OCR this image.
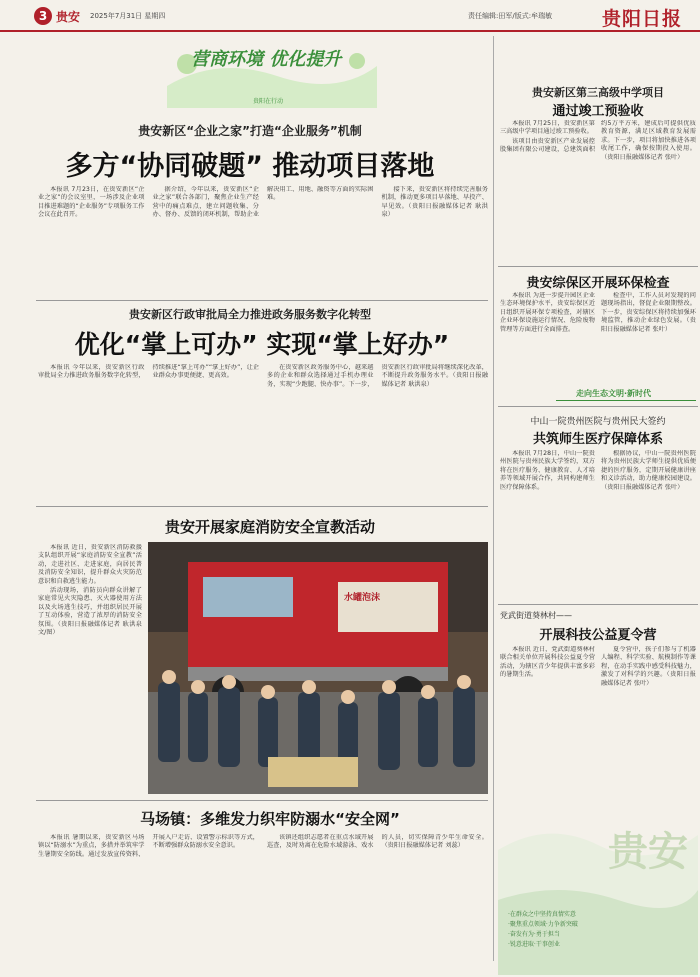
3 贵安 2025年7月31日 星期四	责任编辑:田军/版式:牟瑞敏	贵阳日报
营商环境 优化提升
贵阳在行动
贵安新区“企业之家”打造“企业服务”机制
多方“协同破题” 推动项目落地

本报讯 7月23日，在贵安新区“企业之家”的会议室里，一场涉及企业项目推进难题的“企业服务”专项服务工作会议在此召开。

据介绍，今年以来，贵安新区“企业之家”联合各部门，聚焦企业生产经营中的痛点难点，建立问题收集、分办、督办、反馈的闭环机制，帮助企业解决用工、用地、融资等方面的实际困难。

接下来，贵安新区将持续完善服务机制，推动更多项目早落地、早投产、早见效。（贵阳日报融媒体记者 耿洪泉）

贵安新区行政审批局全力推进政务服务数字化转型
优化“掌上可办” 实现“掌上好办”

本报讯 今年以来，贵安新区行政审批局全力推进政务服务数字化转型，持续推进“掌上可办”“掌上好办”，让企业群众办事更便捷、更高效。

在贵安新区政务服务中心，越来越多的企业和群众选择通过手机办理业务，实现“少跑腿、快办事”。下一步，贵安新区行政审批局将继续深化改革，不断提升政务服务水平。（贵阳日报融媒体记者 耿洪泉）

贵安开展家庭消防安全宣教活动

本报讯 近日，贵安新区消防救援支队组织开展“家庭消防安全宣教”活动，走进社区、走进家庭，向居民普及消防安全知识，提升群众火灾防范意识和自救逃生能力。

活动现场，消防员向群众讲解了家庭常见火灾隐患、灭火器使用方法以及火场逃生技巧，并组织居民开展了互动体验，营造了浓厚的消防安全氛围。（贵阳日报融媒体记者 耿洪泉 文/图）

水罐泡沫
马场镇：多维发力织牢防溺水“安全网”

本报讯 暑期以来，贵安新区马场镇以“防溺水”为重点，多措并举筑牢学生暑期安全防线。通过发放宣传资料、开展入户走访、设置警示标识等方式，不断增强群众防溺水安全意识。

该镇还组织志愿者在重点水域开展巡查，及时劝离在危险水域游泳、戏水的人员，切实保障青少年生命安全。（贵阳日报融媒体记者 刘蕊）

贵安新区第三高级中学项目
通过竣工预验收

本报讯 7月25日，贵安新区第三高级中学项目通过竣工预验收。

该项目由贵安新区产业发展控股集团有限公司建设，总建筑面积约5万平方米，建成后可提供优质教育资源，满足区域教育发展需求。下一步，项目将加快推进各项收尾工作，确保按期投入使用。（贵阳日报融媒体记者 张叶）

贵安综保区开展环保检查

本报讯 为进一步提升园区企业生态环境保护水平，贵安综保区近日组织开展环保专项检查，对辖区企业环保设施运行情况、危险废物管理等方面进行全面排查。

检查中，工作人员对发现的问题现场指出，督促企业限期整改。下一步，贵安综保区将持续加强环境监管，推动企业绿色发展。（贵阳日报融媒体记者 张叶）

走向生态文明·新时代
中山一院贵州医院与贵州民大签约
共筑师生医疗保障体系

本报讯 7月28日，中山一院贵州医院与贵州民族大学签约，双方将在医疗服务、健康教育、人才培养等领域开展合作，共同构建师生医疗保障体系。

根据协议，中山一院贵州医院将为贵州民族大学师生提供优质便捷的医疗服务，定期开展健康讲座和义诊活动，助力健康校园建设。（贵阳日报融媒体记者 张叶）

党武街道葵林村——
开展科技公益夏令营

本报讯 近日，党武街道葵林村联合相关单位开展科技公益夏令营活动，为辖区青少年提供丰富多彩的暑期生活。

夏令营中，孩子们参与了机器人编程、科学实验、航模制作等课程，在动手实践中感受科技魅力，激发了对科学的兴趣。（贵阳日报融媒体记者 张叶）

贵安
·在群众之中坚持真情实意
·聚焦重点领域·力争新突破
·奋发有为·勇于担当
·锐意进取·干事创业
